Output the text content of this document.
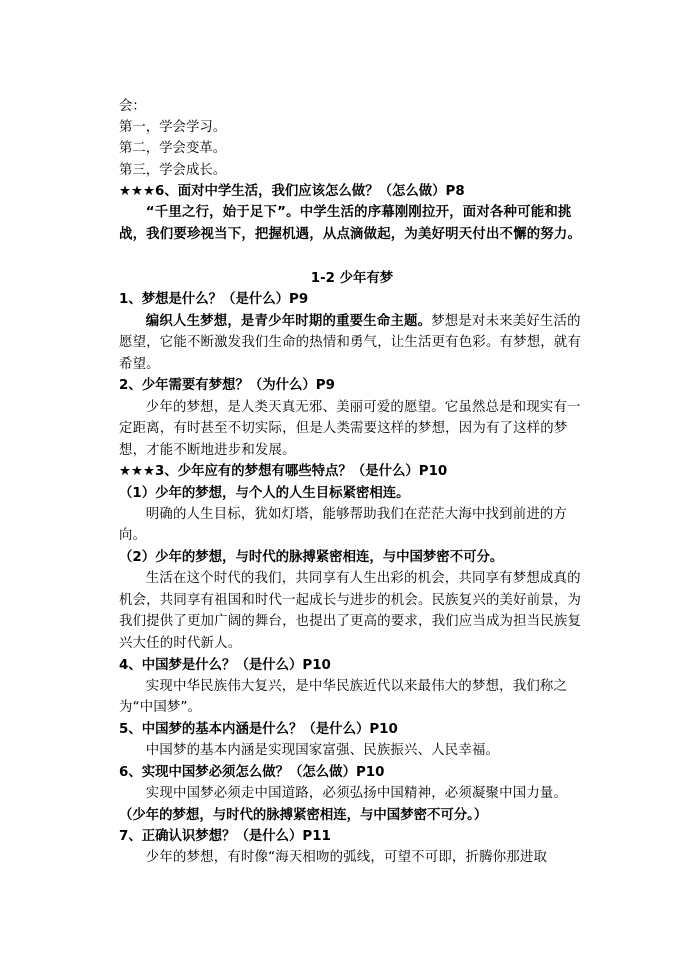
会：

第一，学会学习。

第二，学会变革。

第三，学会成长。

★★★6、面对中学生活，我们应该怎么做？（怎么做）P8

“千里之行，始于足下”。中学生活的序幕刚刚拉开，面对各种可能和挑战，我们要珍视当下，把握机遇，从点滴做起，为美好明天付出不懈的努力。

1-2 少年有梦

1、梦想是什么？（是什么）P9

编织人生梦想，是青少年时期的重要生命主题。梦想是对未来美好生活的愿望，它能不断激发我们生命的热情和勇气，让生活更有色彩。有梦想，就有希望。

2、少年需要有梦想？（为什么）P9

少年的梦想，是人类天真无邪、美丽可爱的愿望。它虽然总是和现实有一定距离，有时甚至不切实际，但是人类需要这样的梦想，因为有了这样的梦想，才能不断地进步和发展。

★★★3、少年应有的梦想有哪些特点？（是什么）P10

（1）少年的梦想，与个人的人生目标紧密相连。

明确的人生目标，犹如灯塔，能够帮助我们在茫茫大海中找到前进的方向。

（2）少年的梦想，与时代的脉搏紧密相连，与中国梦密不可分。

生活在这个时代的我们，共同享有人生出彩的机会，共同享有梦想成真的机会，共同享有祖国和时代一起成长与进步的机会。民族复兴的美好前景，为我们提供了更加广阔的舞台，也提出了更高的要求，我们应当成为担当民族复兴大任的时代新人。

4、中国梦是什么？（是什么）P10

实现中华民族伟大复兴，是中华民族近代以来最伟大的梦想，我们称之为“中国梦”。

5、中国梦的基本内涵是什么？（是什么）P10

中国梦的基本内涵是实现国家富强、民族振兴、人民幸福。

6、实现中国梦必须怎么做？（怎么做）P10

实现中国梦必须走中国道路，必须弘扬中国精神，必须凝聚中国力量。

（少年的梦想，与时代的脉搏紧密相连，与中国梦密不可分。）

7、正确认识梦想？（是什么）P11

少年的梦想，有时像“海天相吻的弧线，可望不可即，折腾你那进取
